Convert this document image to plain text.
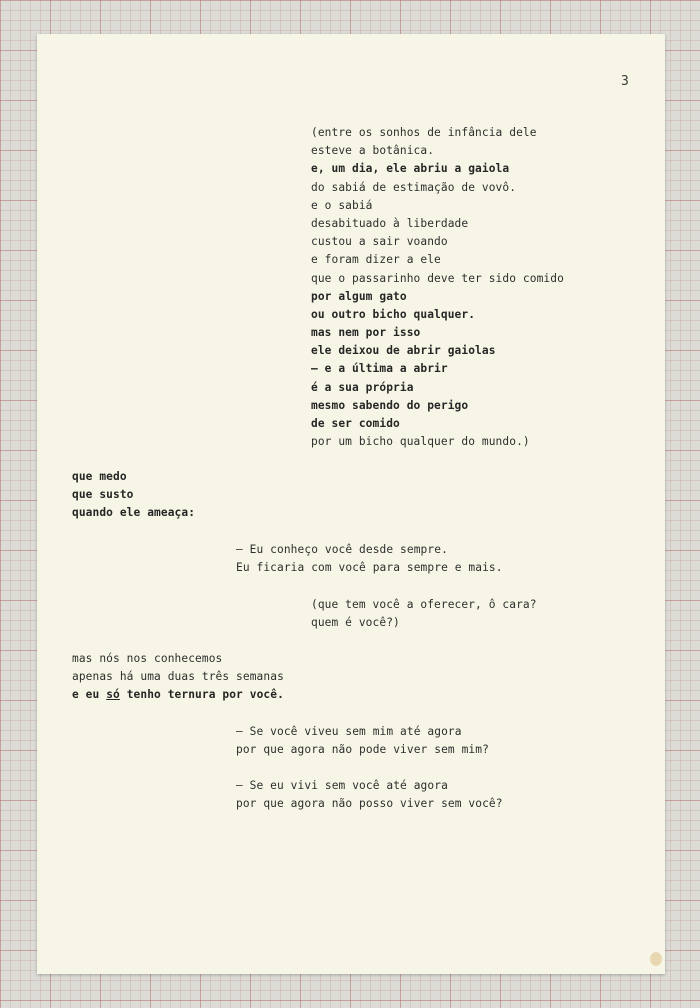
3
(entre os sonhos de infância dele
esteve a botânica.
e, um dia, ele abriu a gaiola
do sabiá de estimação de vovô.
e o sabiá
desabituado à liberdade
custou a sair voando
e foram dizer a ele
que o passarinho deve ter sido comido
por algum gato
ou outro bicho qualquer.
mas nem por isso
ele deixou de abrir gaiolas
— e a última a abrir
é a sua própria
mesmo sabendo do perigo
de ser comido
por um bicho qualquer do mundo.)
que medo
que susto
quando ele ameaça:
— Eu conheço você desde sempre.
Eu ficaria com você para sempre e mais.
(que tem você a oferecer, ô cara?
quem é você?)
mas nós nos conhecemos
apenas há uma duas três semanas
e eu só tenho ternura por você.
— Se você viveu sem mim até agora
por que agora não pode viver sem mim?
— Se eu vivi sem você até agora
por que agora não posso viver sem você?
